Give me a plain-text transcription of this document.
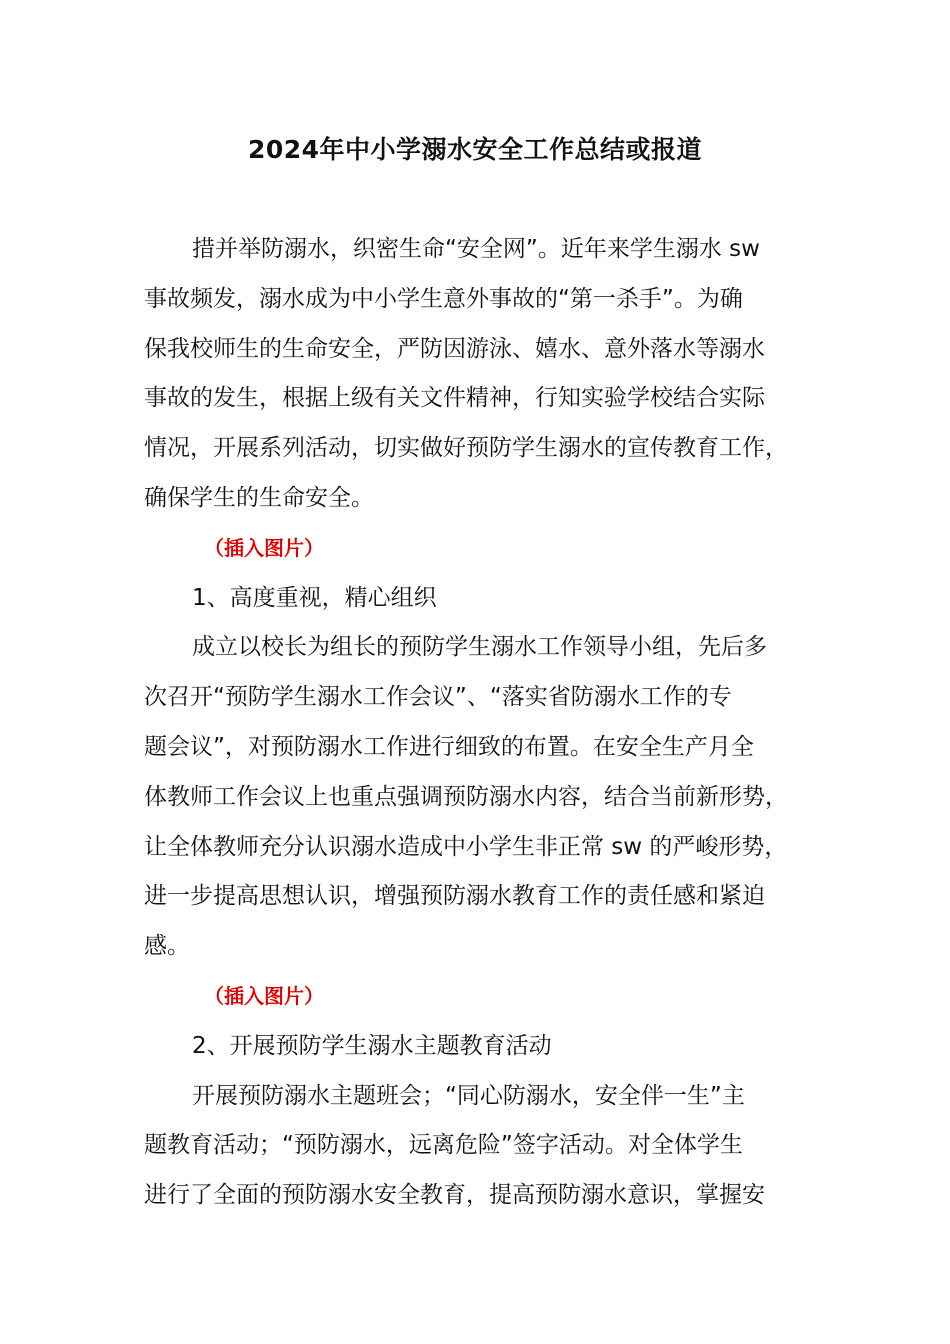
2024年中小学溺水安全工作总结或报道

措并举防溺水，织密生命“安全网”。近年来学生溺水 sw
事故频发，溺水成为中小学生意外事故的“第一杀手”。为确
保我校师生的生命安全，严防因游泳、嬉水、意外落水等溺水
事故的发生，根据上级有关文件精神，行知实验学校结合实际
情况，开展系列活动，切实做好预防学生溺水的宣传教育工作，
确保学生的生命安全。

（插入图片）

1、高度重视，精心组织

成立以校长为组长的预防学生溺水工作领导小组，先后多
次召开“预防学生溺水工作会议”、“落实省防溺水工作的专
题会议”，对预防溺水工作进行细致的布置。在安全生产月全
体教师工作会议上也重点强调预防溺水内容，结合当前新形势，
让全体教师充分认识溺水造成中小学生非正常 sw 的严峻形势，
进一步提高思想认识，增强预防溺水教育工作的责任感和紧迫
感。

（插入图片）

2、开展预防学生溺水主题教育活动

开展预防溺水主题班会；“同心防溺水，安全伴一生”主
题教育活动；“预防溺水，远离危险”签字活动。对全体学生
进行了全面的预防溺水安全教育，提高预防溺水意识，掌握安
